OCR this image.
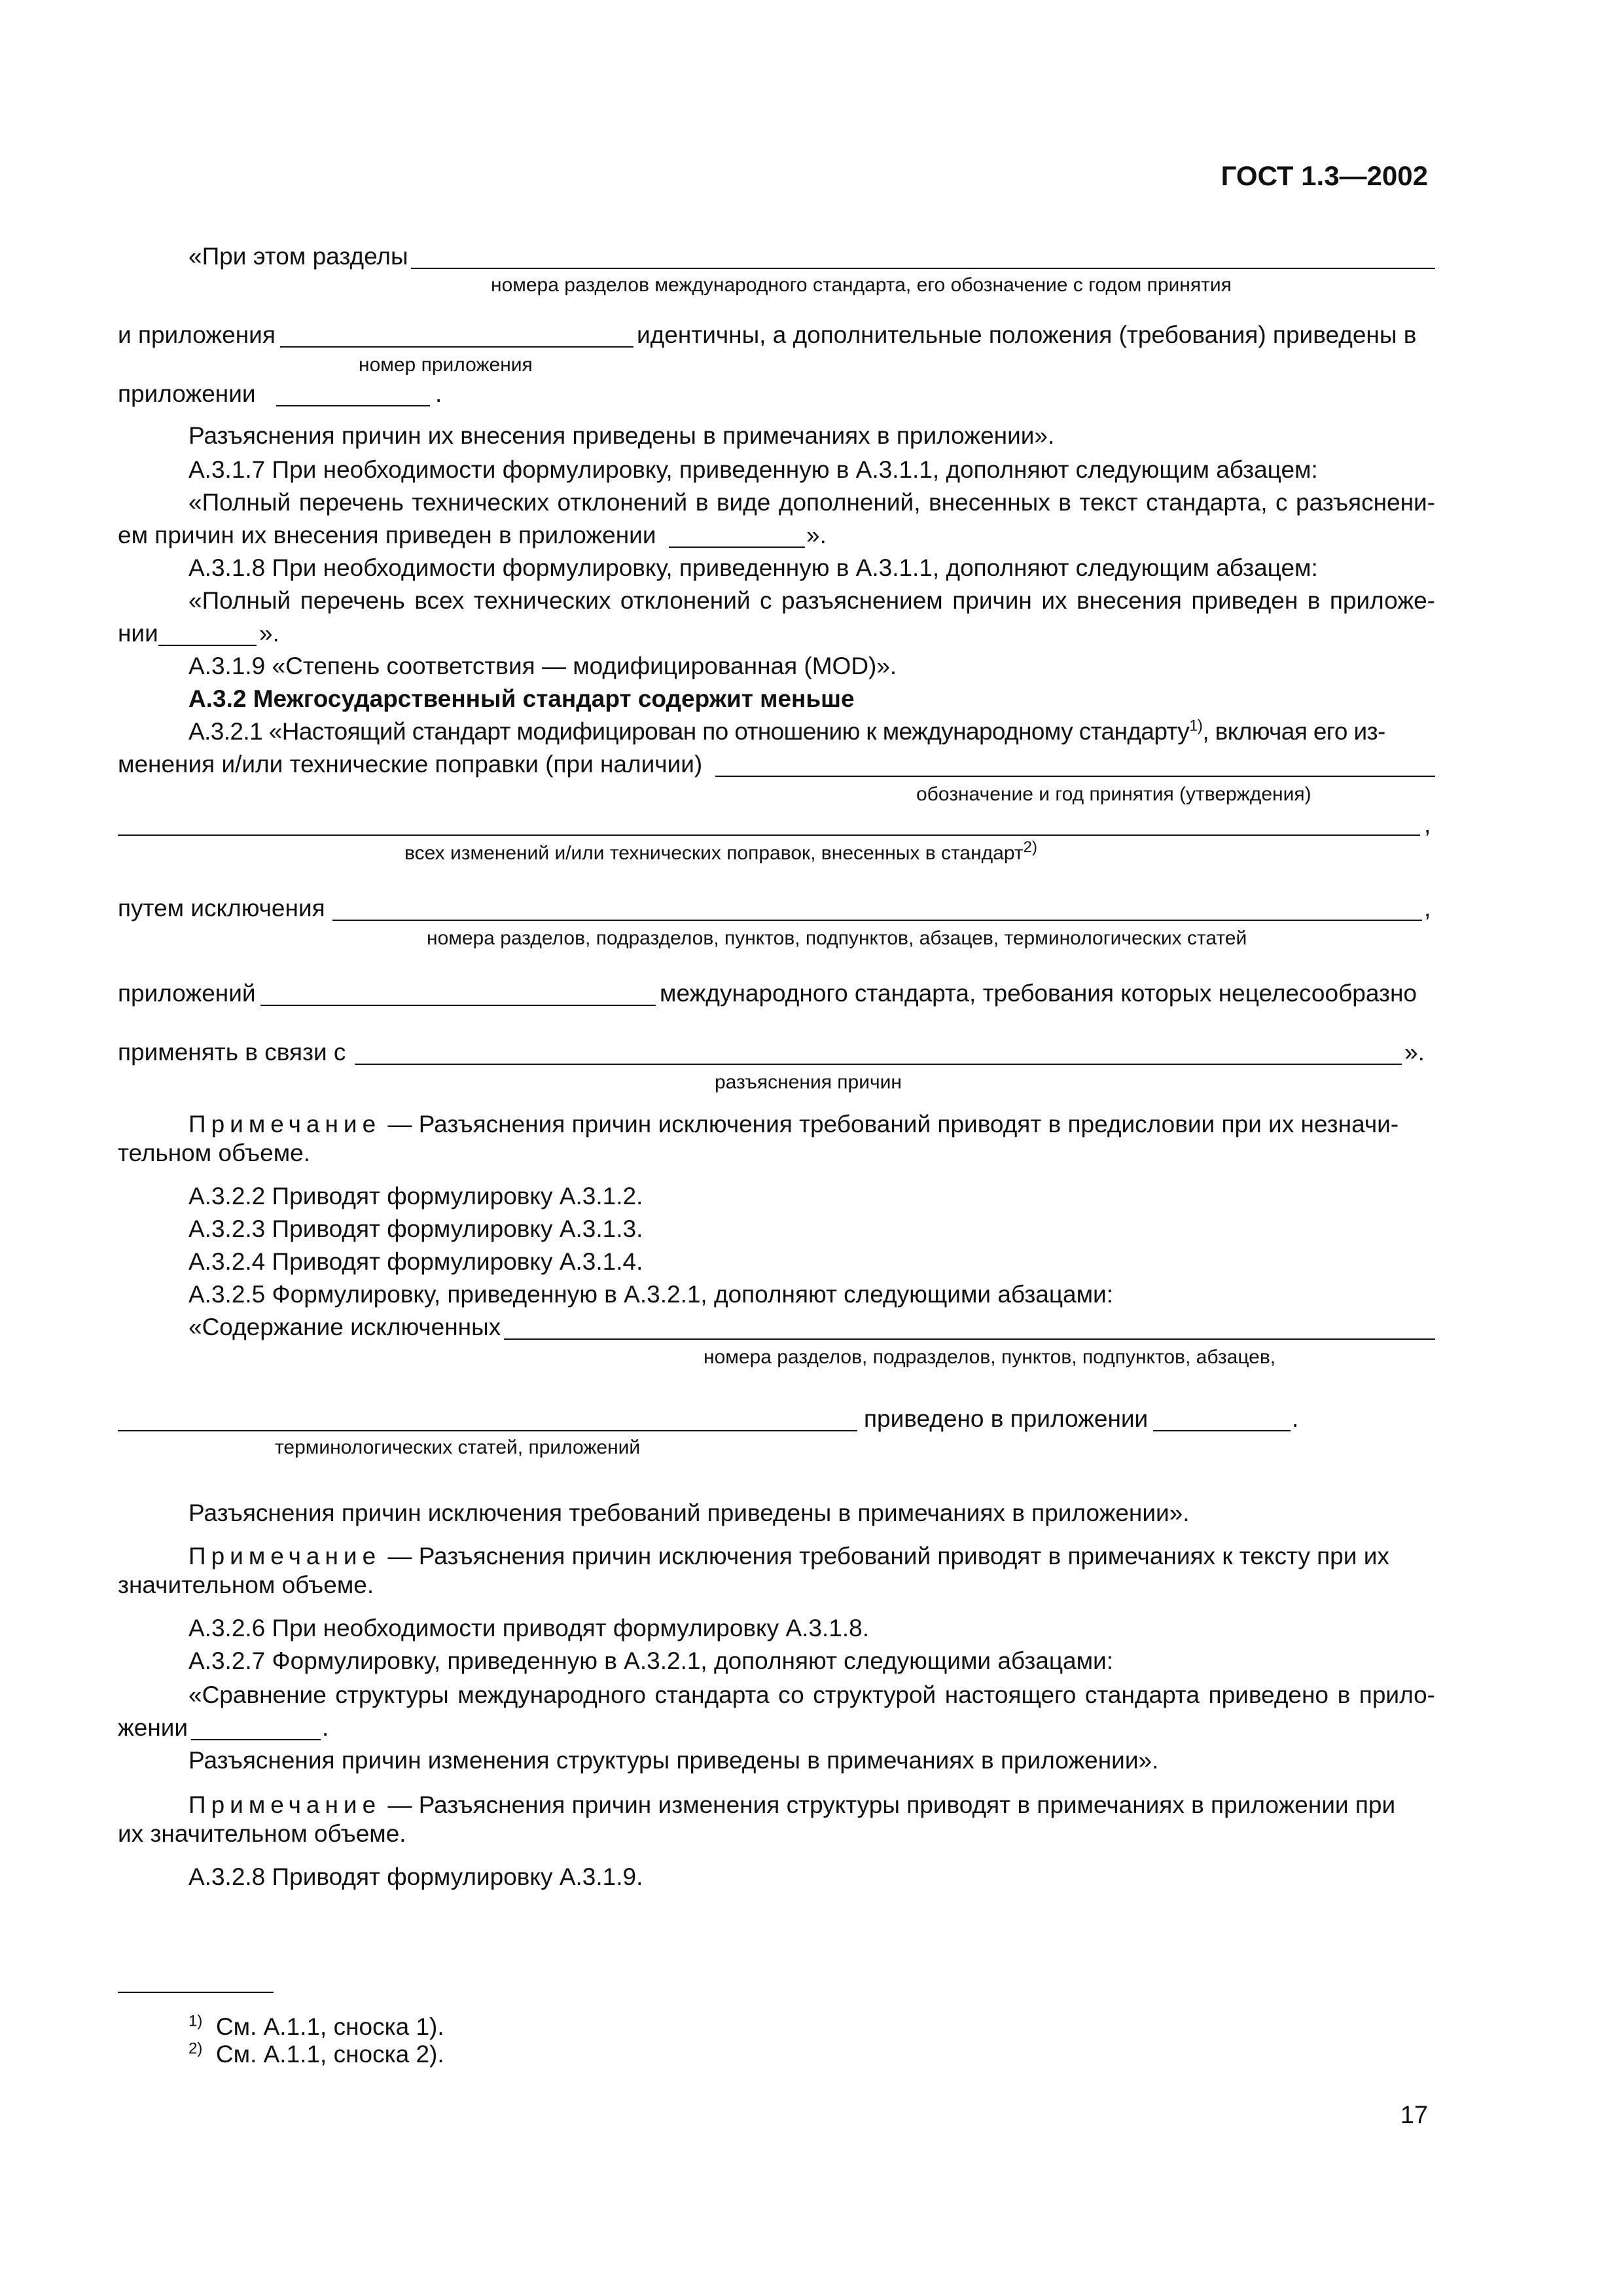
ГОСТ 1.3—2002
«При этом разделы
номера разделов международного стандарта, его обозначение с годом принятия
и приложения	идентичны, а дополнительные положения (требования) приведены в
номер приложения
приложении	.
Разъяснения причин их внесения приведены в примечаниях в приложении».
А.3.1.7 При необходимости формулировку, приведенную в А.3.1.1, дополняют следующим абзацем:
«Полный перечень технических отклонений в виде дополнений, внесенных в текст стандарта, с разъяснени-
ем причин их внесения приведен в приложении	».
А.3.1.8 При необходимости формулировку, приведенную в А.3.1.1, дополняют следующим абзацем:
«Полный перечень всех технических отклонений с разъяснением причин их внесения приведен в приложе-
нии	».
А.3.1.9 «Степень соответствия — модифицированная (MOD)».
А.3.2 Межгосударственный стандарт содержит меньше
А.3.2.1 «Настоящий стандарт модифицирован по отношению к международному стандарту$^{1)}$, включая его из-
менения и/или технические поправки (при наличии)
обозначение и год принятия (утверждения)
,
всех изменений и/или технических поправок, внесенных в стандарт$^{2)}$
путем исключения	,
номера разделов, подразделов, пунктов, подпунктов, абзацев, терминологических статей
приложений	международного стандарта, требования которых нецелесообразно
применять в связи с	».
разъяснения причин
Примечание — Разъяснения причин исключения требований приводят в предисловии при их незначи-
тельном объеме.
А.3.2.2 Приводят формулировку А.3.1.2.
А.3.2.3 Приводят формулировку А.3.1.3.
А.3.2.4 Приводят формулировку А.3.1.4.
А.3.2.5 Формулировку, приведенную в А.3.2.1, дополняют следующими абзацами:
«Содержание исключенных
номера разделов, подразделов, пунктов, подпунктов, абзацев,
приведено в приложении	.
терминологических статей, приложений
Разъяснения причин исключения требований приведены в примечаниях в приложении».
Примечание — Разъяснения причин исключения требований приводят в примечаниях к тексту при их
значительном объеме.
А.3.2.6 При необходимости приводят формулировку А.3.1.8.
А.3.2.7 Формулировку, приведенную в А.3.2.1, дополняют следующими абзацами:
«Сравнение структуры международного стандарта со структурой настоящего стандарта приведено в прило-
жении	.
Разъяснения причин изменения структуры приведены в примечаниях в приложении».
Примечание — Разъяснения причин изменения структуры приводят в примечаниях в приложении при
их значительном объеме.
А.3.2.8 Приводят формулировку А.3.1.9.
$^{1)}$ См. А.1.1, сноска 1).
$^{2)}$ См. А.1.1, сноска 2).
17
